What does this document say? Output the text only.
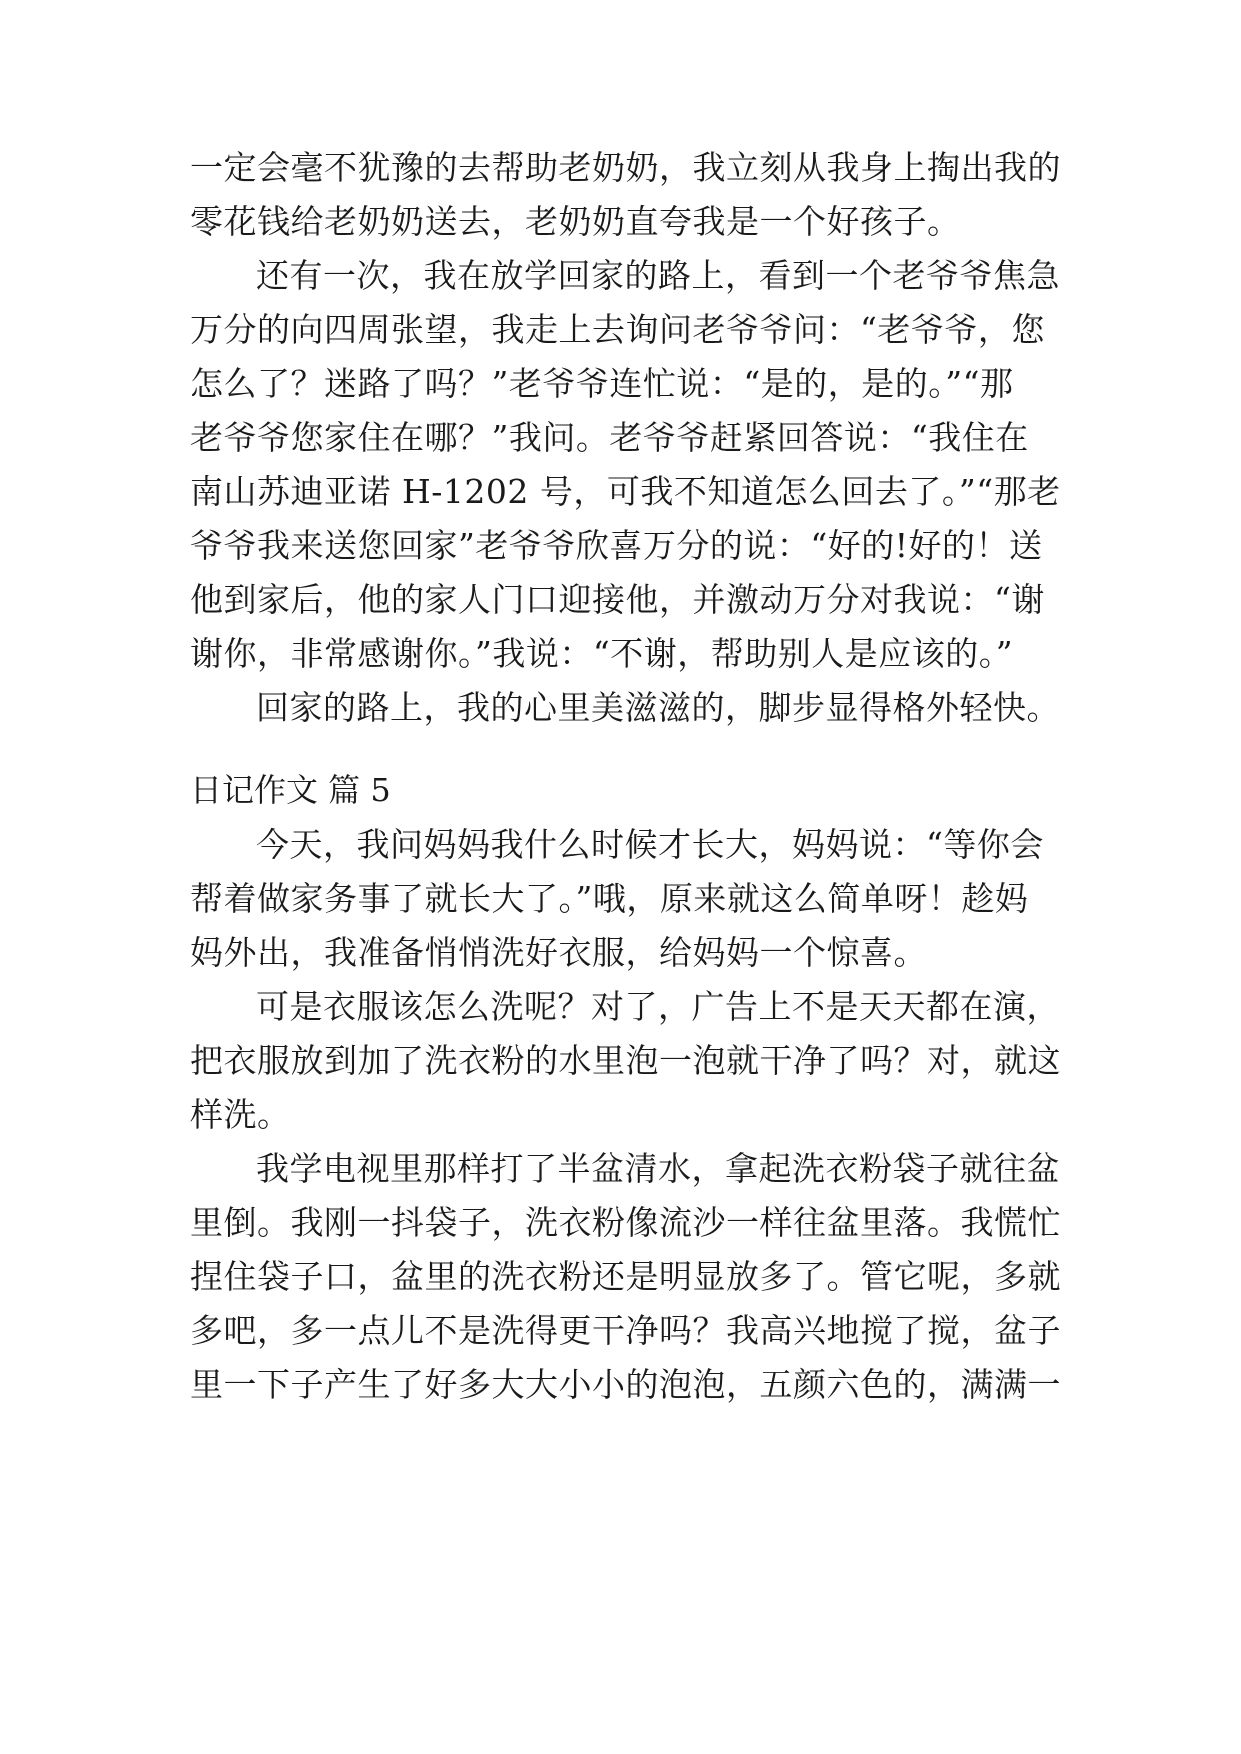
一定会毫不犹豫的去帮助老奶奶，我立刻从我身上掏出我的
零花钱给老奶奶送去，老奶奶直夸我是一个好孩子。
还有一次，我在放学回家的路上，看到一个老爷爷焦急
万分的向四周张望，我走上去询问老爷爷问：“老爷爷，您
怎么了？迷路了吗？”老爷爷连忙说：“是的，是的。”“那
老爷爷您家住在哪？”我问。老爷爷赶紧回答说：“我住在
南山苏迪亚诺 H-1202 号，可我不知道怎么回去了。”“那老
爷爷我来送您回家”老爷爷欣喜万分的说：“好的!好的！送
他到家后，他的家人门口迎接他，并激动万分对我说：“谢
谢你，非常感谢你。”我说：“不谢，帮助别人是应该的。”
回家的路上，我的心里美滋滋的，脚步显得格外轻快。
日记作文 篇 5
今天，我问妈妈我什么时候才长大，妈妈说：“等你会
帮着做家务事了就长大了。”哦，原来就这么简单呀！趁妈
妈外出，我准备悄悄洗好衣服，给妈妈一个惊喜。
可是衣服该怎么洗呢？对了，广告上不是天天都在演，
把衣服放到加了洗衣粉的水里泡一泡就干净了吗？对，就这
样洗。
我学电视里那样打了半盆清水，拿起洗衣粉袋子就往盆
里倒。我刚一抖袋子，洗衣粉像流沙一样往盆里落。我慌忙
捏住袋子口，盆里的洗衣粉还是明显放多了。管它呢，多就
多吧，多一点儿不是洗得更干净吗？我高兴地搅了搅，盆子
里一下子产生了好多大大小小的泡泡，五颜六色的，满满一
